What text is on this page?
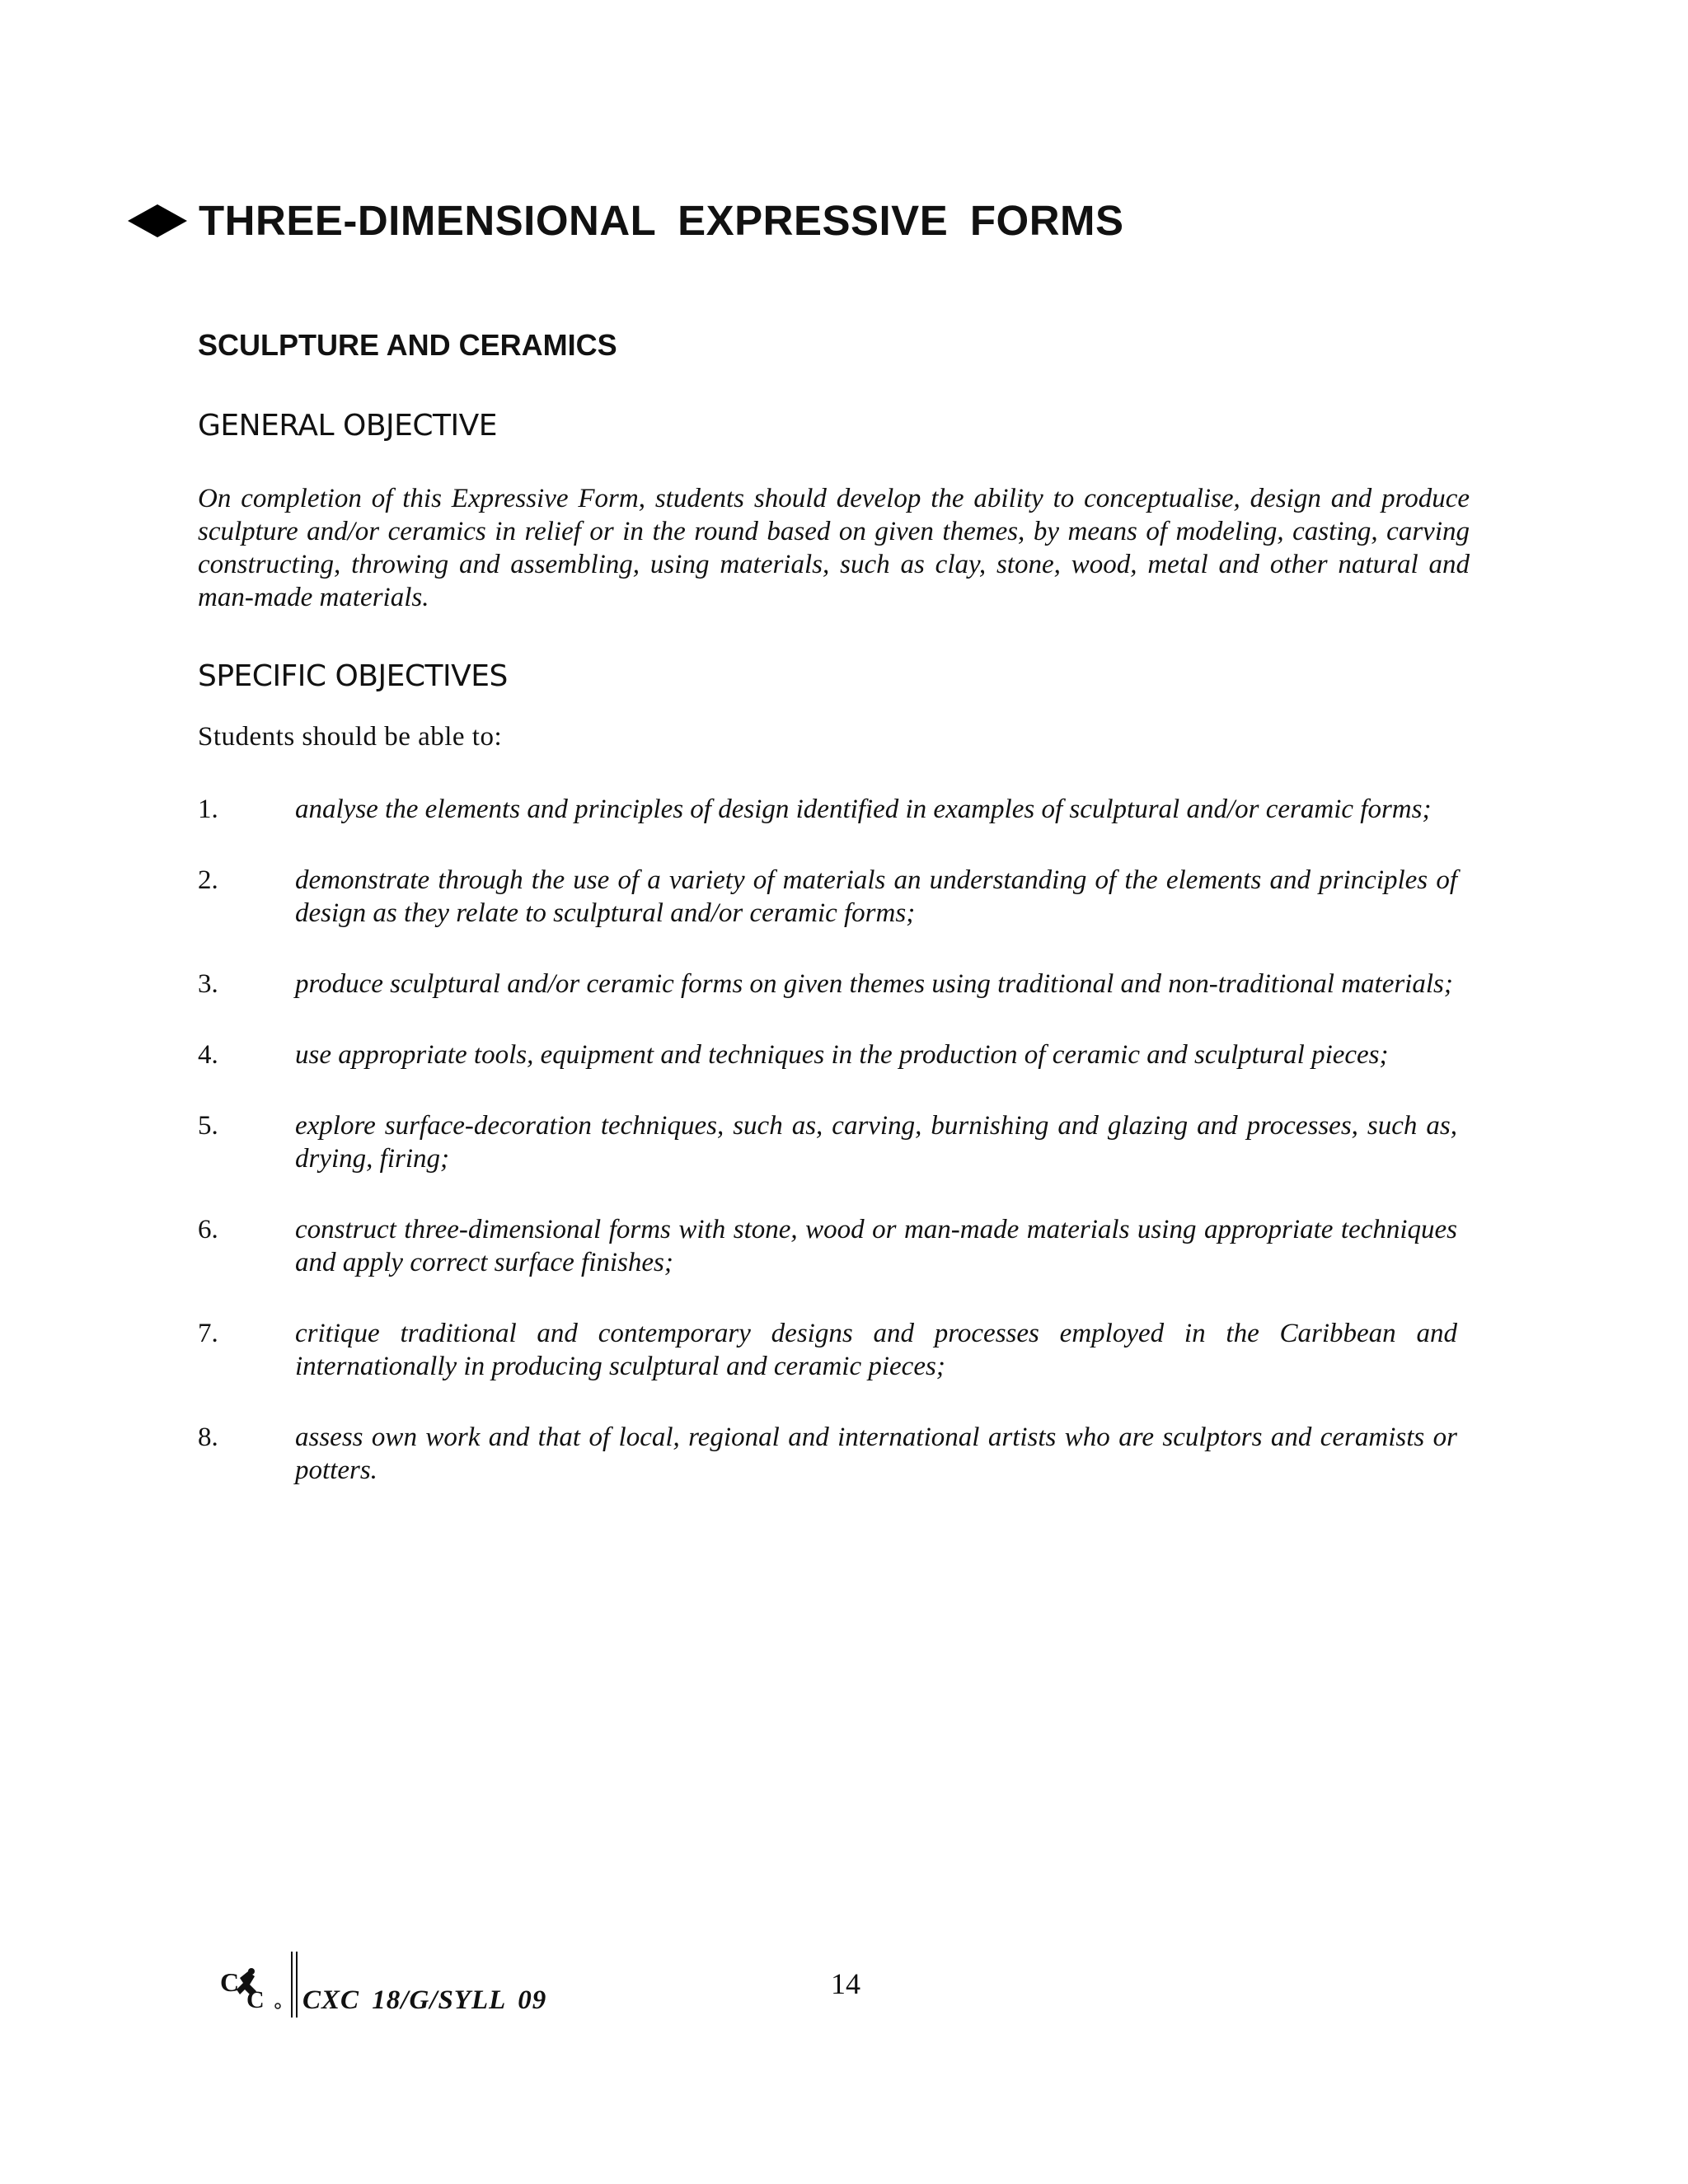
THREE-DIMENSIONAL EXPRESSIVE FORMS
SCULPTURE AND CERAMICS
GENERAL OBJECTIVE
On completion of this Expressive Form, students should develop the ability to conceptualise, design and produce sculpture and/or ceramics in relief or in the round based on given themes, by means of modeling, casting, carving constructing, throwing and assembling, using materials, such as clay, stone, wood, metal and other natural and man-made materials.
SPECIFIC OBJECTIVES
Students should be able to:
1.	analyse the elements and principles of design identified in examples of sculptural and/or ceramic forms;
2.	demonstrate through the use of a variety of materials an understanding of the elements and principles of design as they relate to sculptural and/or ceramic forms;
3.	produce sculptural and/or ceramic forms on given themes using traditional and non-traditional materials;
4.	use appropriate tools, equipment and techniques in the production of ceramic and sculptural pieces;
5.	explore surface-decoration techniques, such as, carving, burnishing and glazing and processes, such as, drying, firing;
6.	construct three-dimensional forms with stone, wood or man-made materials using appropriate techniques and apply correct surface finishes;
7.	critique traditional and contemporary designs and processes employed in the Caribbean and internationally in producing sculptural and ceramic pieces;
8.	assess own work and that of local, regional and international artists who are sculptors and ceramists or potters.
C
C CXC 18/G/SYLL 09	14
